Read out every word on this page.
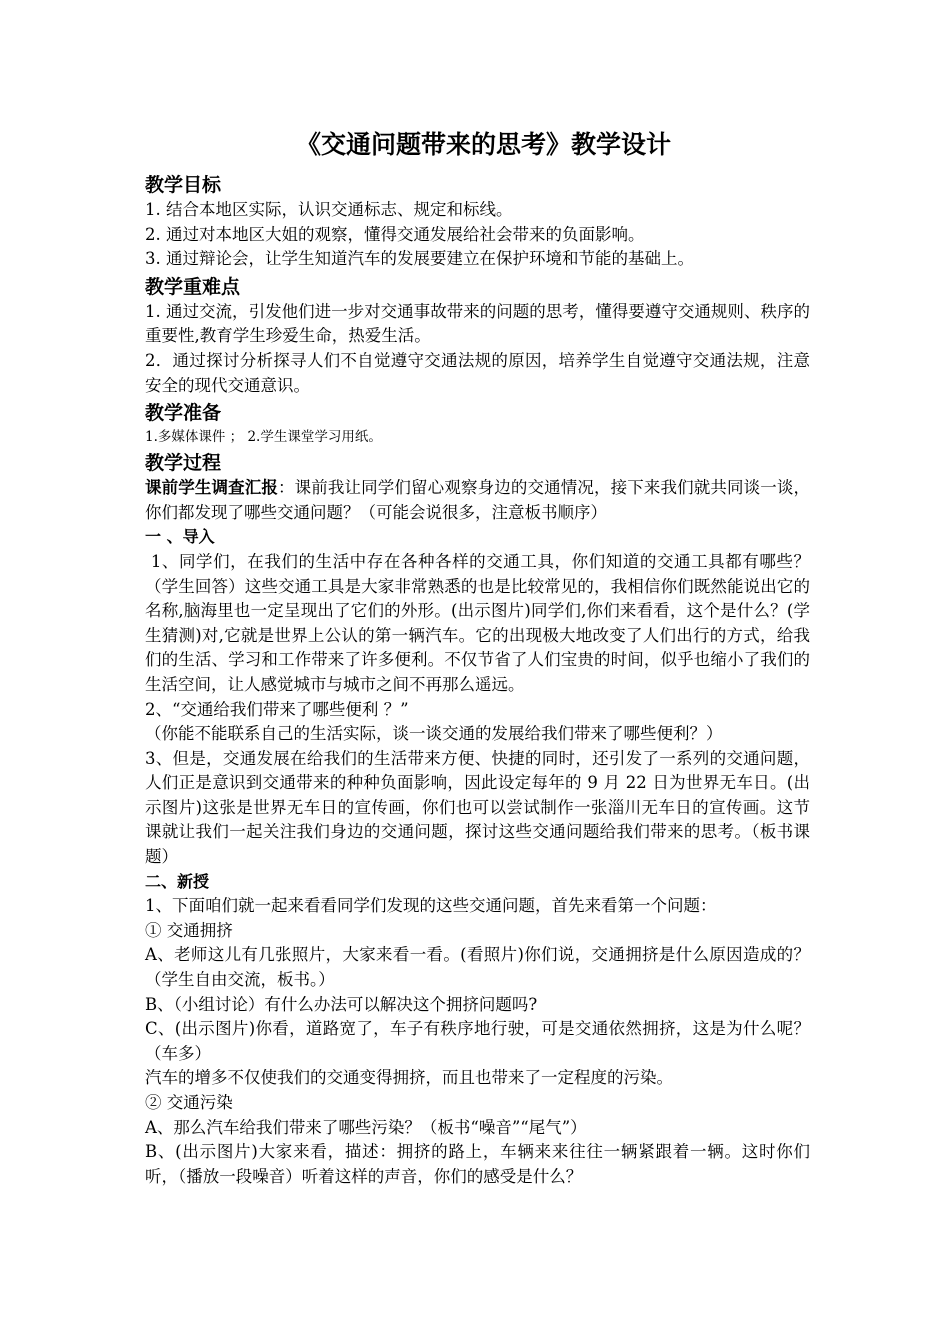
《交通问题带来的思考》教学设计
教学目标

1. 结合本地区实际，认识交通标志、规定和标线。

2. 通过对本地区大姐的观察，懂得交通发展给社会带来的负面影响。

3. 通过辩论会，让学生知道汽车的发展要建立在保护环境和节能的基础上。

教学重难点

1. 通过交流，引发他们进一步对交通事故带来的问题的思考，懂得要遵守交通规则、秩序的重要性,教育学生珍爱生命，热爱生活。

2．通过探讨分析探寻人们不自觉遵守交通法规的原因，培养学生自觉遵守交通法规，注意安全的现代交通意识。

教学准备

1.多媒体课件 ； 2.学生课堂学习用纸。

教学过程

课前学生调查汇报：课前我让同学们留心观察身边的交通情况，接下来我们就共同谈一谈，你们都发现了哪些交通问题？（可能会说很多，注意板书顺序）

一 、导入

1、同学们，在我们的生活中存在各种各样的交通工具，你们知道的交通工具都有哪些？（学生回答）这些交通工具是大家非常熟悉的也是比较常见的，我相信你们既然能说出它的名称,脑海里也一定呈现出了它们的外形。(出示图片)同学们,你们来看看，这个是什么？(学生猜测)对,它就是世界上公认的第一辆汽车。它的出现极大地改变了人们出行的方式，给我们的生活、学习和工作带来了许多便利。不仅节省了人们宝贵的时间，似乎也缩小了我们的生活空间，让人感觉城市与城市之间不再那么遥远。

2、“交通给我们带来了哪些便利 ？”

（你能不能联系自己的生活实际，谈一谈交通的发展给我们带来了哪些便利？）

3、但是，交通发展在给我们的生活带来方便、快捷的同时，还引发了一系列的交通问题，人们正是意识到交通带来的种种负面影响，因此设定每年的 9 月 22 日为世界无车日。(出示图片)这张是世界无车日的宣传画，你们也可以尝试制作一张淄川无车日的宣传画。这节课就让我们一起关注我们身边的交通问题，探讨这些交通问题给我们带来的思考。（板书课题）

二、新授

1、下面咱们就一起来看看同学们发现的这些交通问题，首先来看第一个问题：

① 交通拥挤

A、老师这儿有几张照片，大家来看一看。(看照片)你们说，交通拥挤是什么原因造成的？（学生自由交流，板书。）

B、（小组讨论）有什么办法可以解决这个拥挤问题吗?

C、(出示图片)你看，道路宽了，车子有秩序地行驶，可是交通依然拥挤，这是为什么呢？（车多）

汽车的增多不仅使我们的交通变得拥挤，而且也带来了一定程度的污染。

② 交通污染

A、那么汽车给我们带来了哪些污染？（板书“噪音”“尾气”）

B、(出示图片)大家来看，描述：拥挤的路上，车辆来来往往一辆紧跟着一辆。这时你们听，（播放一段噪音）听着这样的声音，你们的感受是什么？
